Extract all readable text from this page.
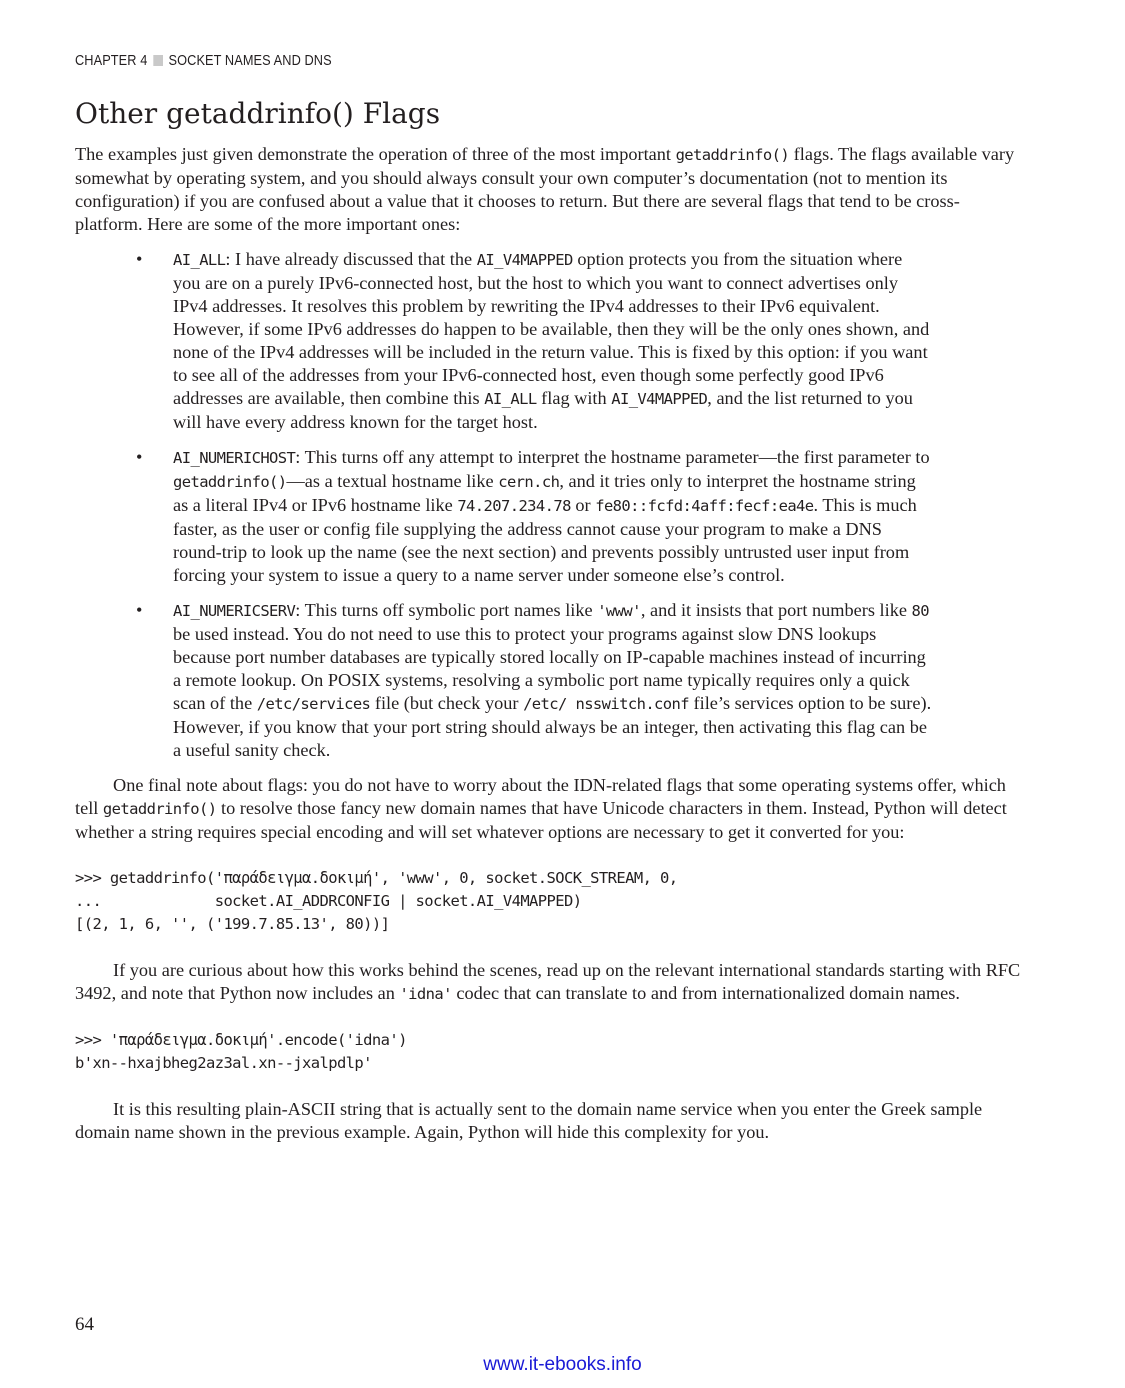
CHAPTER 4 SOCKET NAMES AND DNS
Other getaddrinfo() Flags

The examples just given demonstrate the operation of three of the most important getaddrinfo() flags. The flags available vary somewhat by operating system, and you should always consult your own computer’s documentation (not to mention its configuration) if you are confused about a value that it chooses to return. But there are several flags that tend to be cross-platform. Here are some of the more important ones:

• AI_ALL: I have already discussed that the AI_V4MAPPED option protects you from the situation where you are on a purely IPv6-connected host, but the host to which you want to connect advertises only IPv4 addresses. It resolves this problem by rewriting the IPv4 addresses to their IPv6 equivalent. However, if some IPv6 addresses do happen to be available, then they will be the only ones shown, and none of the IPv4 addresses will be included in the return value. This is fixed by this option: if you want to see all of the addresses from your IPv6-connected host, even though some perfectly good IPv6 addresses are available, then combine this AI_ALL flag with AI_V4MAPPED, and the list returned to you will have every address known for the target host.
• AI_NUMERICHOST: This turns off any attempt to interpret the hostname parameter—the first parameter to getaddrinfo()—as a textual hostname like cern.ch, and it tries only to interpret the hostname string as a literal IPv4 or IPv6 hostname like 74.207.234.78 or fe80::fcfd:4aff:fecf:ea4e. This is much faster, as the user or config file supplying the address cannot cause your program to make a DNS round-trip to look up the name (see the next section) and prevents possibly untrusted user input from forcing your system to issue a query to a name server under someone else’s control.
• AI_NUMERICSERV: This turns off symbolic port names like 'www', and it insists that port numbers like 80 be used instead. You do not need to use this to protect your programs against slow DNS lookups because port number databases are typically stored locally on IP-capable machines instead of incurring a remote lookup. On POSIX systems, resolving a symbolic port name typically requires only a quick scan of the /etc/services file (but check your /etc/ nsswitch.conf file’s services option to be sure). However, if you know that your port string should always be an integer, then activating this flag can be a useful sanity check.

One final note about flags: you do not have to worry about the IDN-related flags that some operating systems offer, which tell getaddrinfo() to resolve those fancy new domain names that have Unicode characters in them. Instead, Python will detect whether a string requires special encoding and will set whatever options are necessary to get it converted for you:

>>> getaddrinfo('παράδειγμα.δοκιμή', 'www', 0, socket.SOCK_STREAM, 0,
...             socket.AI_ADDRCONFIG | socket.AI_V4MAPPED)
[(2, 1, 6, '', ('199.7.85.13', 80))]

If you are curious about how this works behind the scenes, read up on the relevant international standards starting with RFC 3492, and note that Python now includes an 'idna' codec that can translate to and from internationalized domain names.

>>> 'παράδειγμα.δοκιμή'.encode('idna')
b'xn--hxajbheg2az3al.xn--jxalpdlp'

It is this resulting plain-ASCII string that is actually sent to the domain name service when you enter the Greek sample domain name shown in the previous example. Again, Python will hide this complexity for you.

64
www.it-ebooks.info
